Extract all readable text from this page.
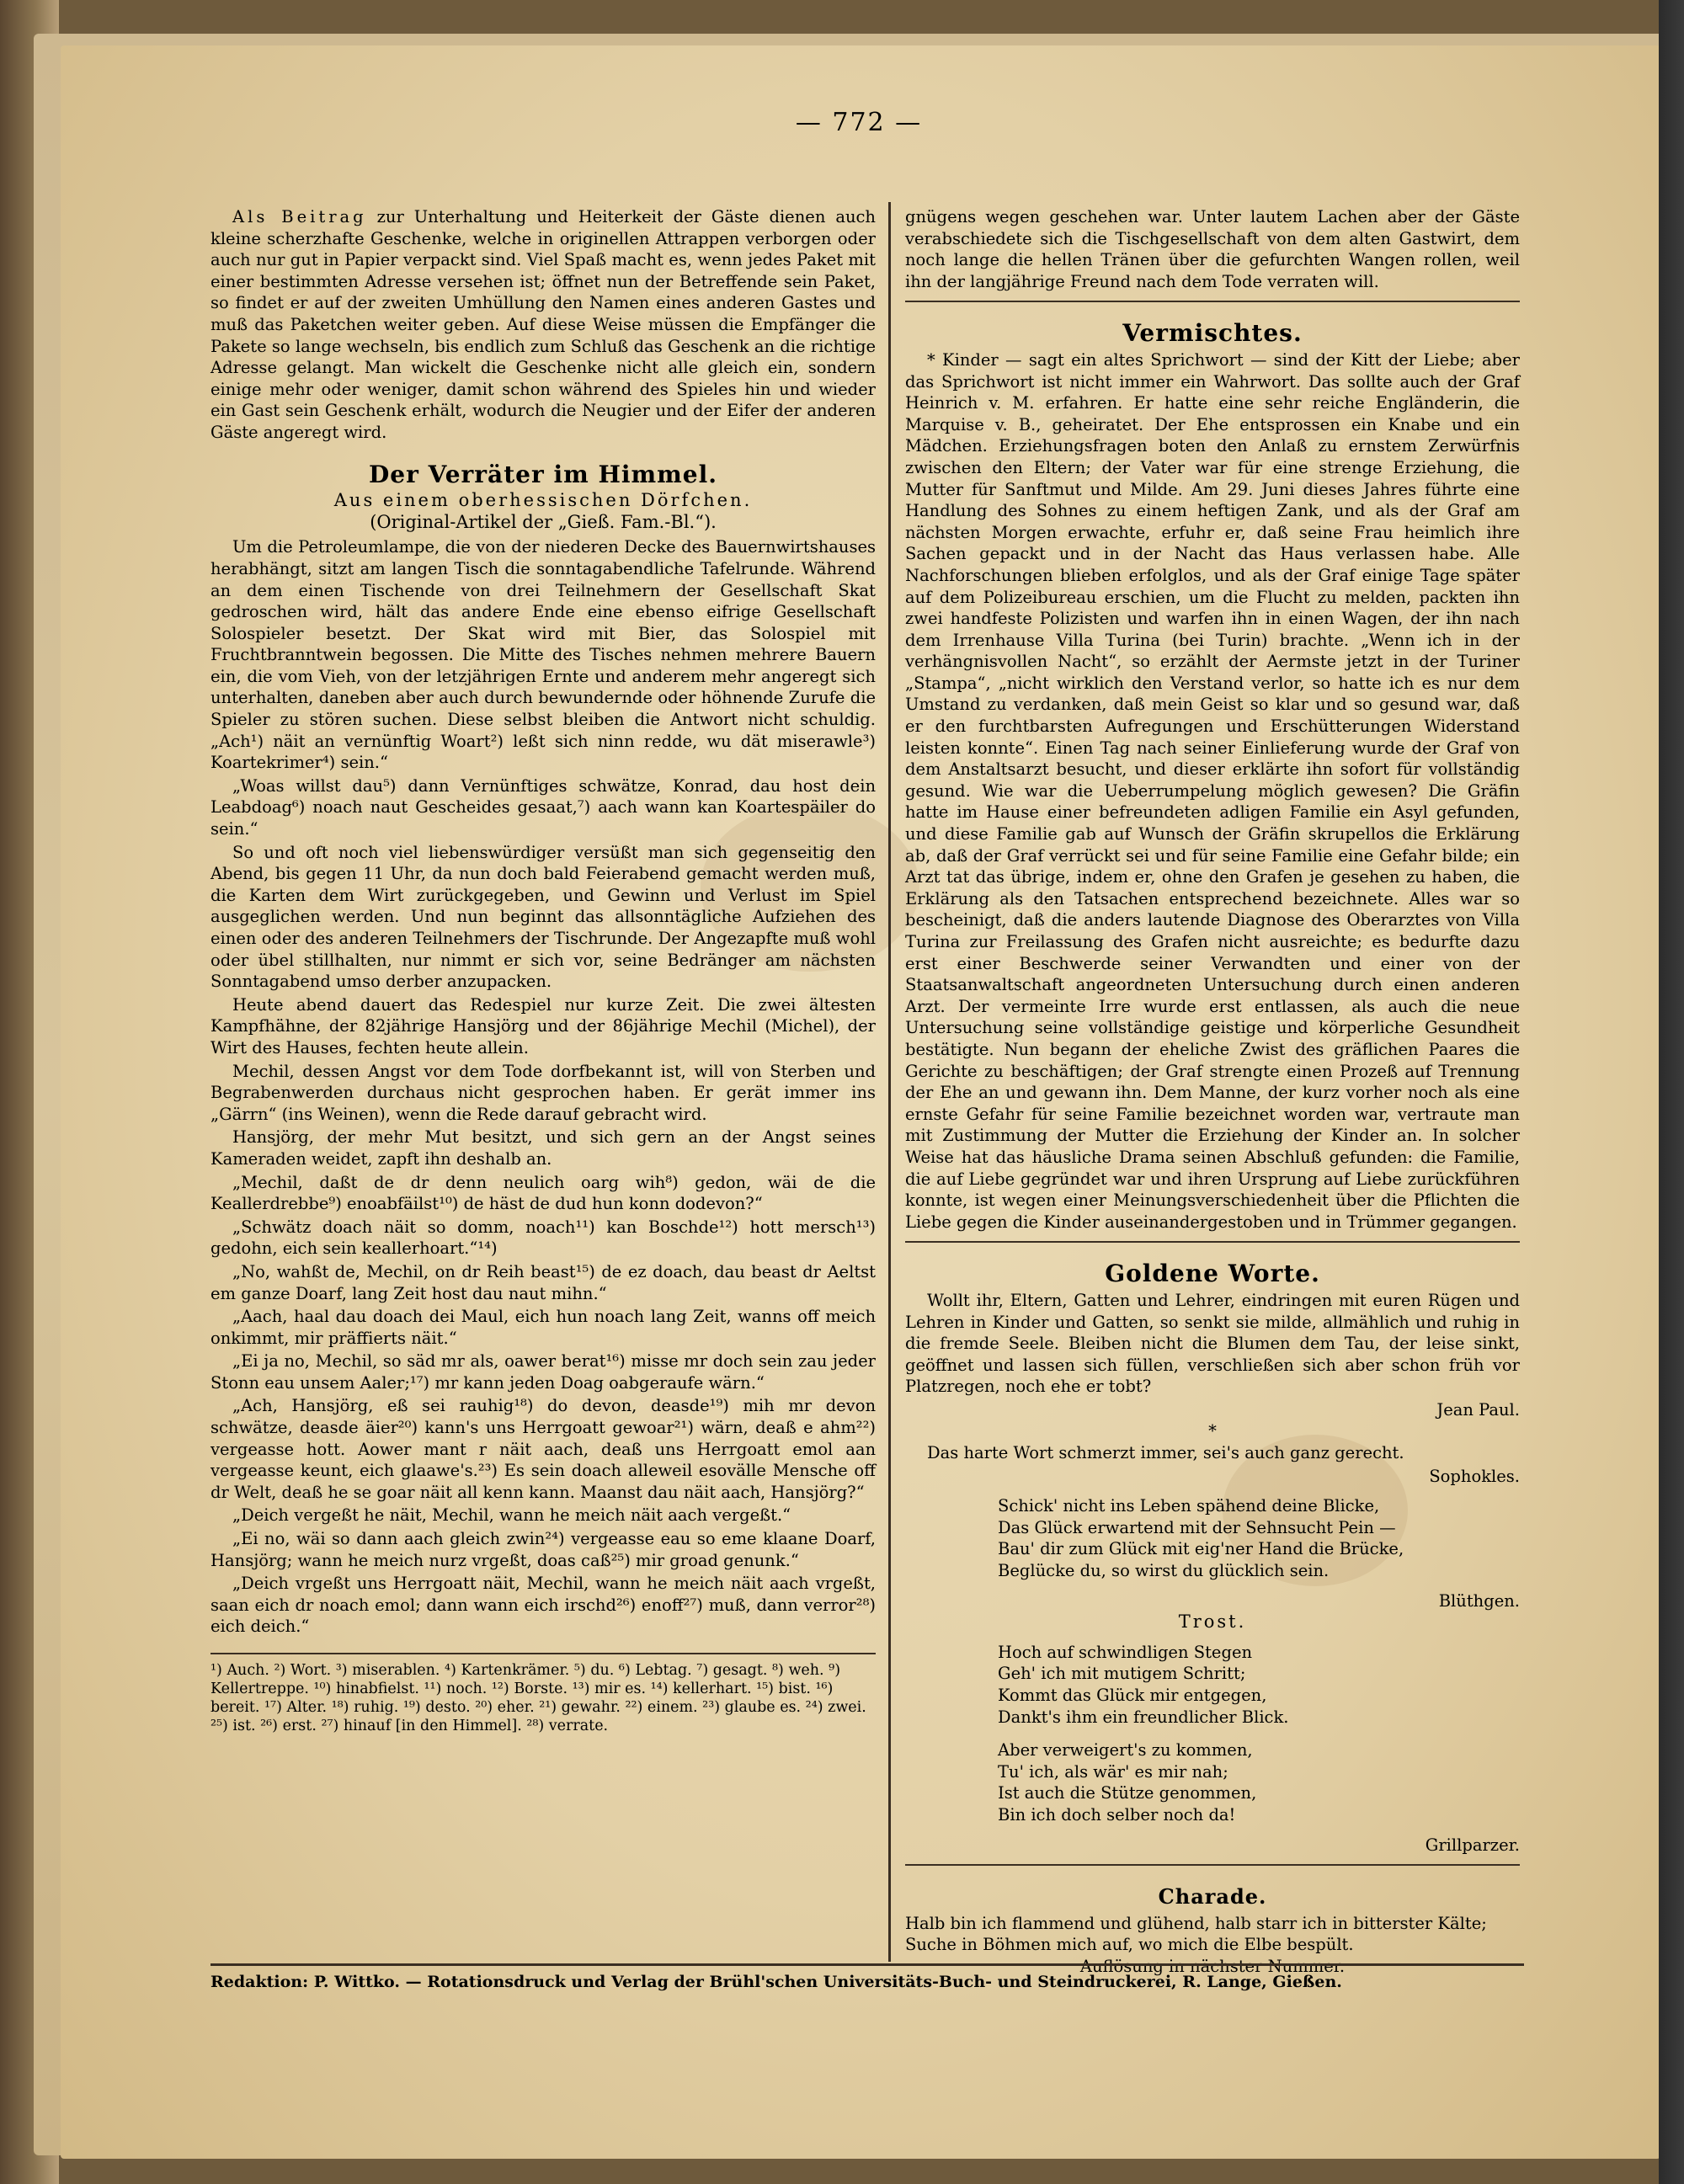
— 772 —

Als Beitrag zur Unterhaltung und Heiterkeit der Gäste dienen auch kleine scherzhafte Geschenke, welche in originellen Attrappen verborgen oder auch nur gut in Papier verpackt sind. Viel Spaß macht es, wenn jedes Paket mit einer bestimmten Adresse versehen ist; öffnet nun der Betreffende sein Paket, so findet er auf der zweiten Umhüllung den Namen eines anderen Gastes und muß das Paketchen weiter geben. Auf diese Weise müssen die Empfänger die Pakete so lange wechseln, bis endlich zum Schluß das Geschenk an die richtige Adresse gelangt. Man wickelt die Geschenke nicht alle gleich ein, sondern einige mehr oder weniger, damit schon während des Spieles hin und wieder ein Gast sein Geschenk erhält, wodurch die Neugier und der Eifer der anderen Gäste angeregt wird.

Der Verräter im Himmel.
Aus einem oberhessischen Dörfchen.
(Original-Artikel der „Gieß. Fam.-Bl.“).

Um die Petroleumlampe, die von der niederen Decke des Bauernwirtshauses herabhängt, sitzt am langen Tisch die sonntagabendliche Tafelrunde. Während an dem einen Tischende von drei Teilnehmern der Gesellschaft Skat gedroschen wird, hält das andere Ende eine ebenso eifrige Gesellschaft Solospieler besetzt. Der Skat wird mit Bier, das Solospiel mit Fruchtbranntwein begossen. Die Mitte des Tisches nehmen mehrere Bauern ein, die vom Vieh, von der letzjährigen Ernte und anderem mehr angeregt sich unterhalten, daneben aber auch durch bewundernde oder höhnende Zurufe die Spieler zu stören suchen. Diese selbst bleiben die Antwort nicht schuldig. „Ach¹) näit an vernünftig Woart²) leßt sich ninn redde, wu dät miserawle³) Koartekrimer⁴) sein.“

„Woas willst dau⁵) dann Vernünftiges schwätze, Konrad, dau host dein Leabdoag⁶) noach naut Gescheides gesaat,⁷) aach wann kan Koartespäiler do sein.“

So und oft noch viel liebenswürdiger versüßt man sich gegenseitig den Abend, bis gegen 11 Uhr, da nun doch bald Feierabend gemacht werden muß, die Karten dem Wirt zurückgegeben, und Gewinn und Verlust im Spiel ausgeglichen werden. Und nun beginnt das allsonntägliche Aufziehen des einen oder des anderen Teilnehmers der Tischrunde. Der Angezapfte muß wohl oder übel stillhalten, nur nimmt er sich vor, seine Bedränger am nächsten Sonntagabend umso derber anzupacken.

Heute abend dauert das Redespiel nur kurze Zeit. Die zwei ältesten Kampfhähne, der 82jährige Hansjörg und der 86jährige Mechil (Michel), der Wirt des Hauses, fechten heute allein.

Mechil, dessen Angst vor dem Tode dorfbekannt ist, will von Sterben und Begrabenwerden durchaus nicht gesprochen haben. Er gerät immer ins „Gärrn“ (ins Weinen), wenn die Rede darauf gebracht wird.

Hansjörg, der mehr Mut besitzt, und sich gern an der Angst seines Kameraden weidet, zapft ihn deshalb an.

„Mechil, daßt de dr denn neulich oarg wih⁸) gedon, wäi de die Keallerdrebbe⁹) enoabfäilst¹⁰) de häst de dud hun konn dodevon?“

„Schwätz doach näit so domm, noach¹¹) kan Boschde¹²) hott mersch¹³) gedohn, eich sein keallerhoart.“¹⁴)

„No, wahßt de, Mechil, on dr Reih beast¹⁵) de ez doach, dau beast dr Aeltst em ganze Doarf, lang Zeit host dau naut mihn.“

„Aach, haal dau doach dei Maul, eich hun noach lang Zeit, wanns off meich onkimmt, mir präffierts näit.“

„Ei ja no, Mechil, so säd mr als, oawer berat¹⁶) misse mr doch sein zau jeder Stonn eau unsem Aaler;¹⁷) mr kann jeden Doag oabgeraufe wärn.“

„Ach, Hansjörg, eß sei rauhig¹⁸) do devon, deasde¹⁹) mih mr devon schwätze, deasde äier²⁰) kann's uns Herrgoatt gewoar²¹) wärn, deaß e ahm²²) vergeasse hott. Aower mant r näit aach, deaß uns Herrgoatt emol aan vergeasse keunt, eich glaawe's.²³) Es sein doach alleweil esovälle Mensche off dr Welt, deaß he se goar näit all kenn kann. Maanst dau näit aach, Hansjörg?“

„Deich vergeßt he näit, Mechil, wann he meich näit aach vergeßt.“

„Ei no, wäi so dann aach gleich zwin²⁴) vergeasse eau so eme klaane Doarf, Hansjörg; wann he meich nurz vrgeßt, doas caß²⁵) mir groad genunk.“

„Deich vrgeßt uns Herrgoatt näit, Mechil, wann he meich näit aach vrgeßt, saan eich dr noach emol; dann wann eich irschd²⁶) enoff²⁷) muß, dann verror²⁸) eich deich.“

¹) Auch. ²) Wort. ³) miserablen. ⁴) Kartenkrämer. ⁵) du. ⁶) Lebtag. ⁷) gesagt. ⁸) weh. ⁹) Kellertreppe. ¹⁰) hinabfielst. ¹¹) noch. ¹²) Borste. ¹³) mir es. ¹⁴) kellerhart. ¹⁵) bist. ¹⁶) bereit. ¹⁷) Alter. ¹⁸) ruhig. ¹⁹) desto. ²⁰) eher. ²¹) gewahr. ²²) einem. ²³) glaube es. ²⁴) zwei. ²⁵) ist. ²⁶) erst. ²⁷) hinauf [in den Himmel]. ²⁸) verrate.

gnügens wegen geschehen war. Unter lautem Lachen aber der Gäste verabschiedete sich die Tischgesellschaft von dem alten Gastwirt, dem noch lange die hellen Tränen über die gefurchten Wangen rollen, weil ihn der langjährige Freund nach dem Tode verraten will.

Vermischtes.

* Kinder — sagt ein altes Sprichwort — sind der Kitt der Liebe; aber das Sprichwort ist nicht immer ein Wahrwort. Das sollte auch der Graf Heinrich v. M. erfahren. Er hatte eine sehr reiche Engländerin, die Marquise v. B., geheiratet. Der Ehe entsprossen ein Knabe und ein Mädchen. Erziehungsfragen boten den Anlaß zu ernstem Zerwürfnis zwischen den Eltern; der Vater war für eine strenge Erziehung, die Mutter für Sanftmut und Milde. Am 29. Juni dieses Jahres führte eine Handlung des Sohnes zu einem heftigen Zank, und als der Graf am nächsten Morgen erwachte, erfuhr er, daß seine Frau heimlich ihre Sachen gepackt und in der Nacht das Haus verlassen habe. Alle Nachforschungen blieben erfolglos, und als der Graf einige Tage später auf dem Polizeibureau erschien, um die Flucht zu melden, packten ihn zwei handfeste Polizisten und warfen ihn in einen Wagen, der ihn nach dem Irrenhause Villa Turina (bei Turin) brachte. „Wenn ich in der verhängnisvollen Nacht“, so erzählt der Aermste jetzt in der Turiner „Stampa“, „nicht wirklich den Verstand verlor, so hatte ich es nur dem Umstand zu verdanken, daß mein Geist so klar und so gesund war, daß er den furchtbarsten Aufregungen und Erschütterungen Widerstand leisten konnte“. Einen Tag nach seiner Einlieferung wurde der Graf von dem Anstaltsarzt besucht, und dieser erklärte ihn sofort für vollständig gesund. Wie war die Ueberrumpelung möglich gewesen? Die Gräfin hatte im Hause einer befreundeten adligen Familie ein Asyl gefunden, und diese Familie gab auf Wunsch der Gräfin skrupellos die Erklärung ab, daß der Graf verrückt sei und für seine Familie eine Gefahr bilde; ein Arzt tat das übrige, indem er, ohne den Grafen je gesehen zu haben, die Erklärung als den Tatsachen entsprechend bezeichnete. Alles war so bescheinigt, daß die anders lautende Diagnose des Oberarztes von Villa Turina zur Freilassung des Grafen nicht ausreichte; es bedurfte dazu erst einer Beschwerde seiner Verwandten und einer von der Staatsanwaltschaft angeordneten Untersuchung durch einen anderen Arzt. Der vermeinte Irre wurde erst entlassen, als auch die neue Untersuchung seine vollständige geistige und körperliche Gesundheit bestätigte. Nun begann der eheliche Zwist des gräflichen Paares die Gerichte zu beschäftigen; der Graf strengte einen Prozeß auf Trennung der Ehe an und gewann ihn. Dem Manne, der kurz vorher noch als eine ernste Gefahr für seine Familie bezeichnet worden war, vertraute man mit Zustimmung der Mutter die Erziehung der Kinder an. In solcher Weise hat das häusliche Drama seinen Abschluß gefunden: die Familie, die auf Liebe gegründet war und ihren Ursprung auf Liebe zurückführen konnte, ist wegen einer Meinungsverschiedenheit über die Pflichten die Liebe gegen die Kinder auseinandergestoben und in Trümmer gegangen.

Goldene Worte.

Wollt ihr, Eltern, Gatten und Lehrer, eindringen mit euren Rügen und Lehren in Kinder und Gatten, so senkt sie milde, allmählich und ruhig in die fremde Seele. Bleiben nicht die Blumen dem Tau, der leise sinkt, geöffnet und lassen sich füllen, verschließen sich aber schon früh vor Platzregen, noch ehe er tobt?

Jean Paul.
*

Das harte Wort schmerzt immer, sei's auch ganz gerecht.

Sophokles.
Schick' nicht ins Leben spähend deine Blicke,
Das Glück erwartend mit der Sehnsucht Pein —
Bau' dir zum Glück mit eig'ner Hand die Brücke,
Beglücke du, so wirst du glücklich sein.
Blüthgen.
Trost.
Hoch auf schwindligen Stegen
Geh' ich mit mutigem Schritt;
Kommt das Glück mir entgegen,
Dankt's ihm ein freundlicher Blick.
Aber verweigert's zu kommen,
Tu' ich, als wär' es mir nah;
Ist auch die Stütze genommen,
Bin ich doch selber noch da!
Grillparzer.
Charade.
Halb bin ich flammend und glühend, halb starr ich in bitterster Kälte;
Suche in Böhmen mich auf, wo mich die Elbe bespült.
Auflösung in nächster Nummer.
Redaktion: P. Wittko. — Rotationsdruck und Verlag der Brühl'schen Universitäts-Buch- und Steindruckerei, R. Lange, Gießen.
